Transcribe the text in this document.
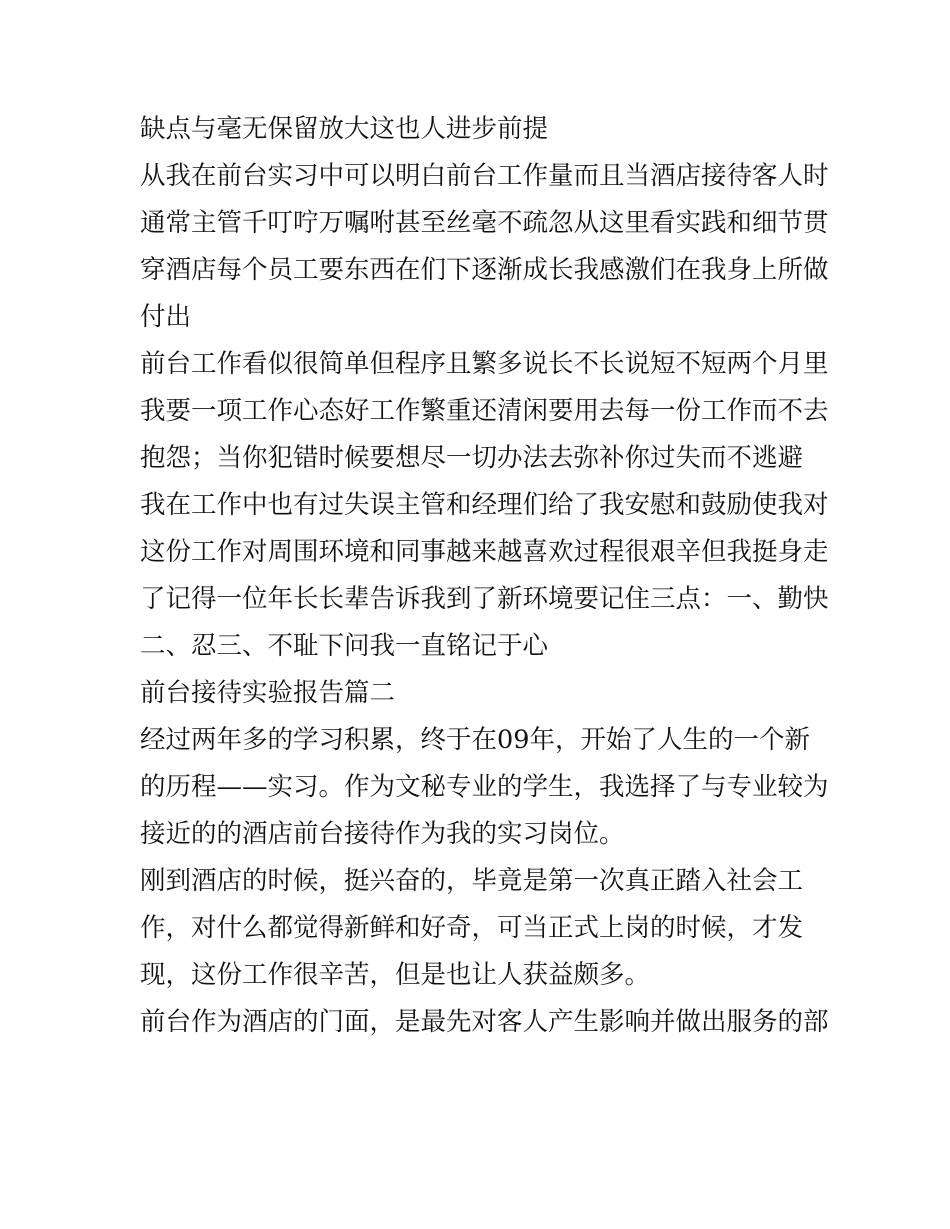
缺点与毫无保留放大这也人进步前提
从我在前台实习中可以明白前台工作量而且当酒店接待客人时
通常主管千叮咛万嘱咐甚至丝毫不疏忽从这里看实践和细节贯
穿酒店每个员工要东西在们下逐渐成长我感激们在我身上所做
付出
前台工作看似很简单但程序且繁多说长不长说短不短两个月里
我要一项工作心态好工作繁重还清闲要用去每一份工作而不去
抱怨；当你犯错时候要想尽一切办法去弥补你过失而不逃避
我在工作中也有过失误主管和经理们给了我安慰和鼓励使我对
这份工作对周围环境和同事越来越喜欢过程很艰辛但我挺身走
了记得一位年长长辈告诉我到了新环境要记住三点：一、勤快
二、忍三、不耻下问我一直铭记于心
前台接待实验报告篇二
经过两年多的学习积累，终于在09年，开始了人生的一个新
的历程——实习。作为文秘专业的学生，我选择了与专业较为
接近的的酒店前台接待作为我的实习岗位。
刚到酒店的时候，挺兴奋的，毕竟是第一次真正踏入社会工
作，对什么都觉得新鲜和好奇，可当正式上岗的时候，才发
现，这份工作很辛苦，但是也让人获益颇多。
前台作为酒店的门面，是最先对客人产生影响并做出服务的部
